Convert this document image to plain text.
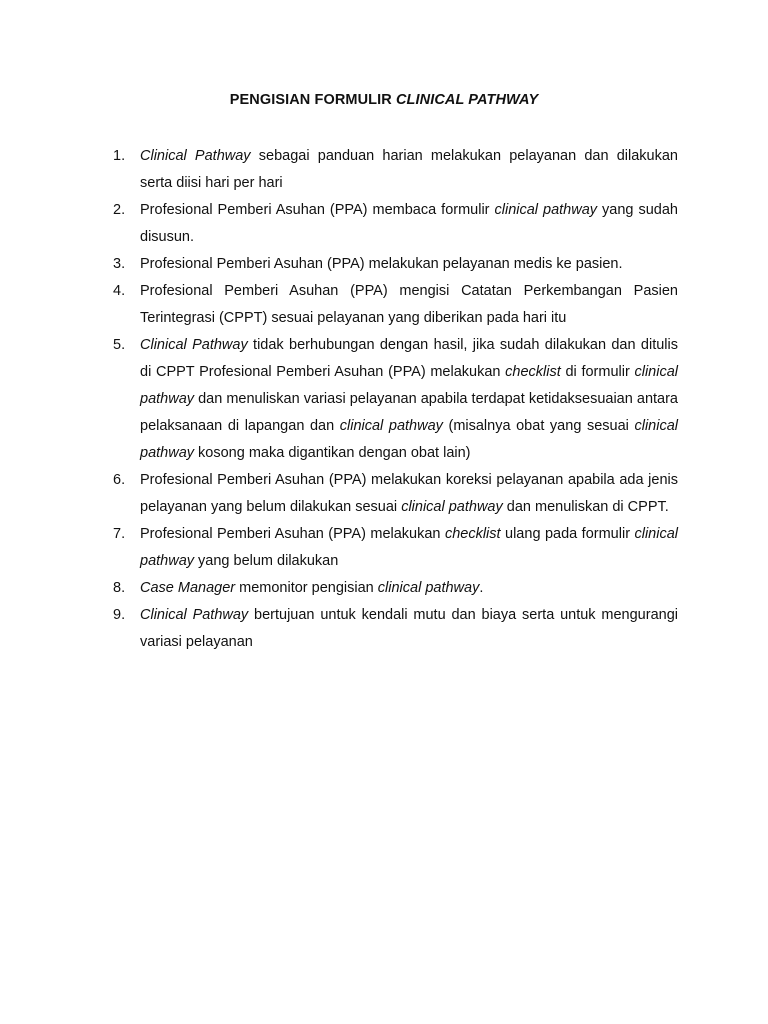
PENGISIAN FORMULIR CLINICAL PATHWAY
1. Clinical Pathway sebagai panduan harian melakukan pelayanan dan dilakukan serta diisi hari per hari
2. Profesional Pemberi Asuhan (PPA) membaca formulir clinical pathway yang sudah disusun.
3. Profesional Pemberi Asuhan (PPA) melakukan pelayanan medis ke pasien.
4. Profesional Pemberi Asuhan (PPA) mengisi Catatan Perkembangan Pasien Terintegrasi (CPPT) sesuai pelayanan yang diberikan pada hari itu
5. Clinical Pathway tidak berhubungan dengan hasil, jika sudah dilakukan dan ditulis di CPPT Profesional Pemberi Asuhan (PPA) melakukan checklist di formulir clinical pathway dan menuliskan variasi pelayanan apabila terdapat ketidaksesuaian antara pelaksanaan di lapangan dan clinical pathway (misalnya obat yang sesuai clinical pathway kosong maka digantikan dengan obat lain)
6. Profesional Pemberi Asuhan (PPA) melakukan koreksi pelayanan apabila ada jenis pelayanan yang belum dilakukan sesuai clinical pathway dan menuliskan di CPPT.
7. Profesional Pemberi Asuhan (PPA) melakukan checklist ulang pada formulir clinical pathway yang belum dilakukan
8. Case Manager memonitor pengisian clinical pathway.
9. Clinical Pathway bertujuan untuk kendali mutu dan biaya serta untuk mengurangi variasi pelayanan
